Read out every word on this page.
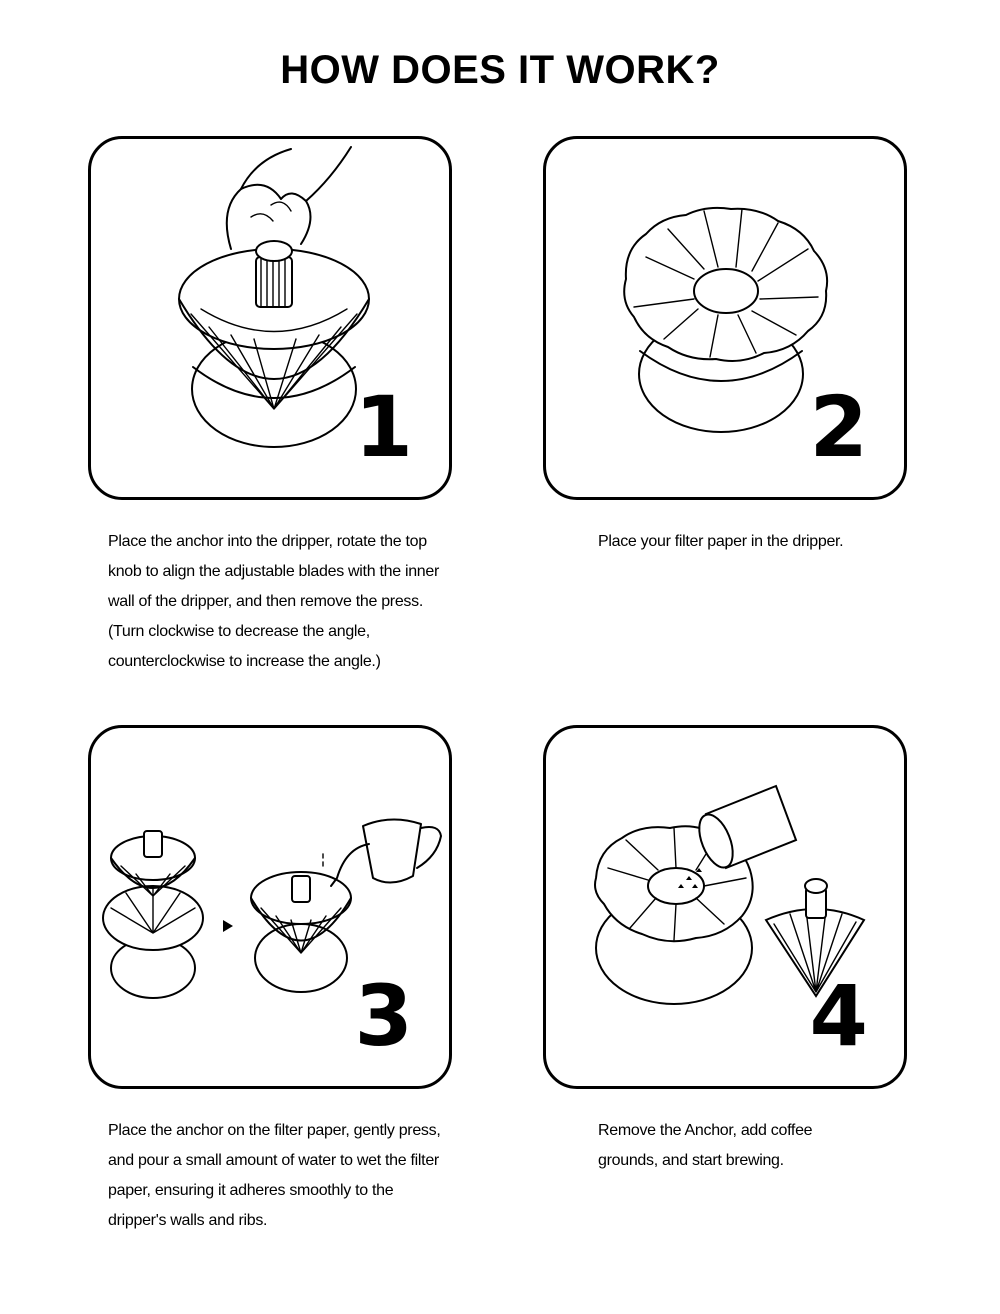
HOW DOES IT WORK?
1	2
3	4
Place the anchor into the dripper, rotate the top
knob to align the adjustable blades with the inner
wall of the dripper, and then remove the press.
(Turn clockwise to decrease the angle,
counterclockwise to increase the angle.)
Place your filter paper in the dripper.
Place the anchor on the filter paper, gently press,
and pour a small amount of water to wet the filter
paper, ensuring it adheres smoothly to the
dripper's walls and ribs.
Remove the Anchor, add coffee
grounds, and start brewing.
